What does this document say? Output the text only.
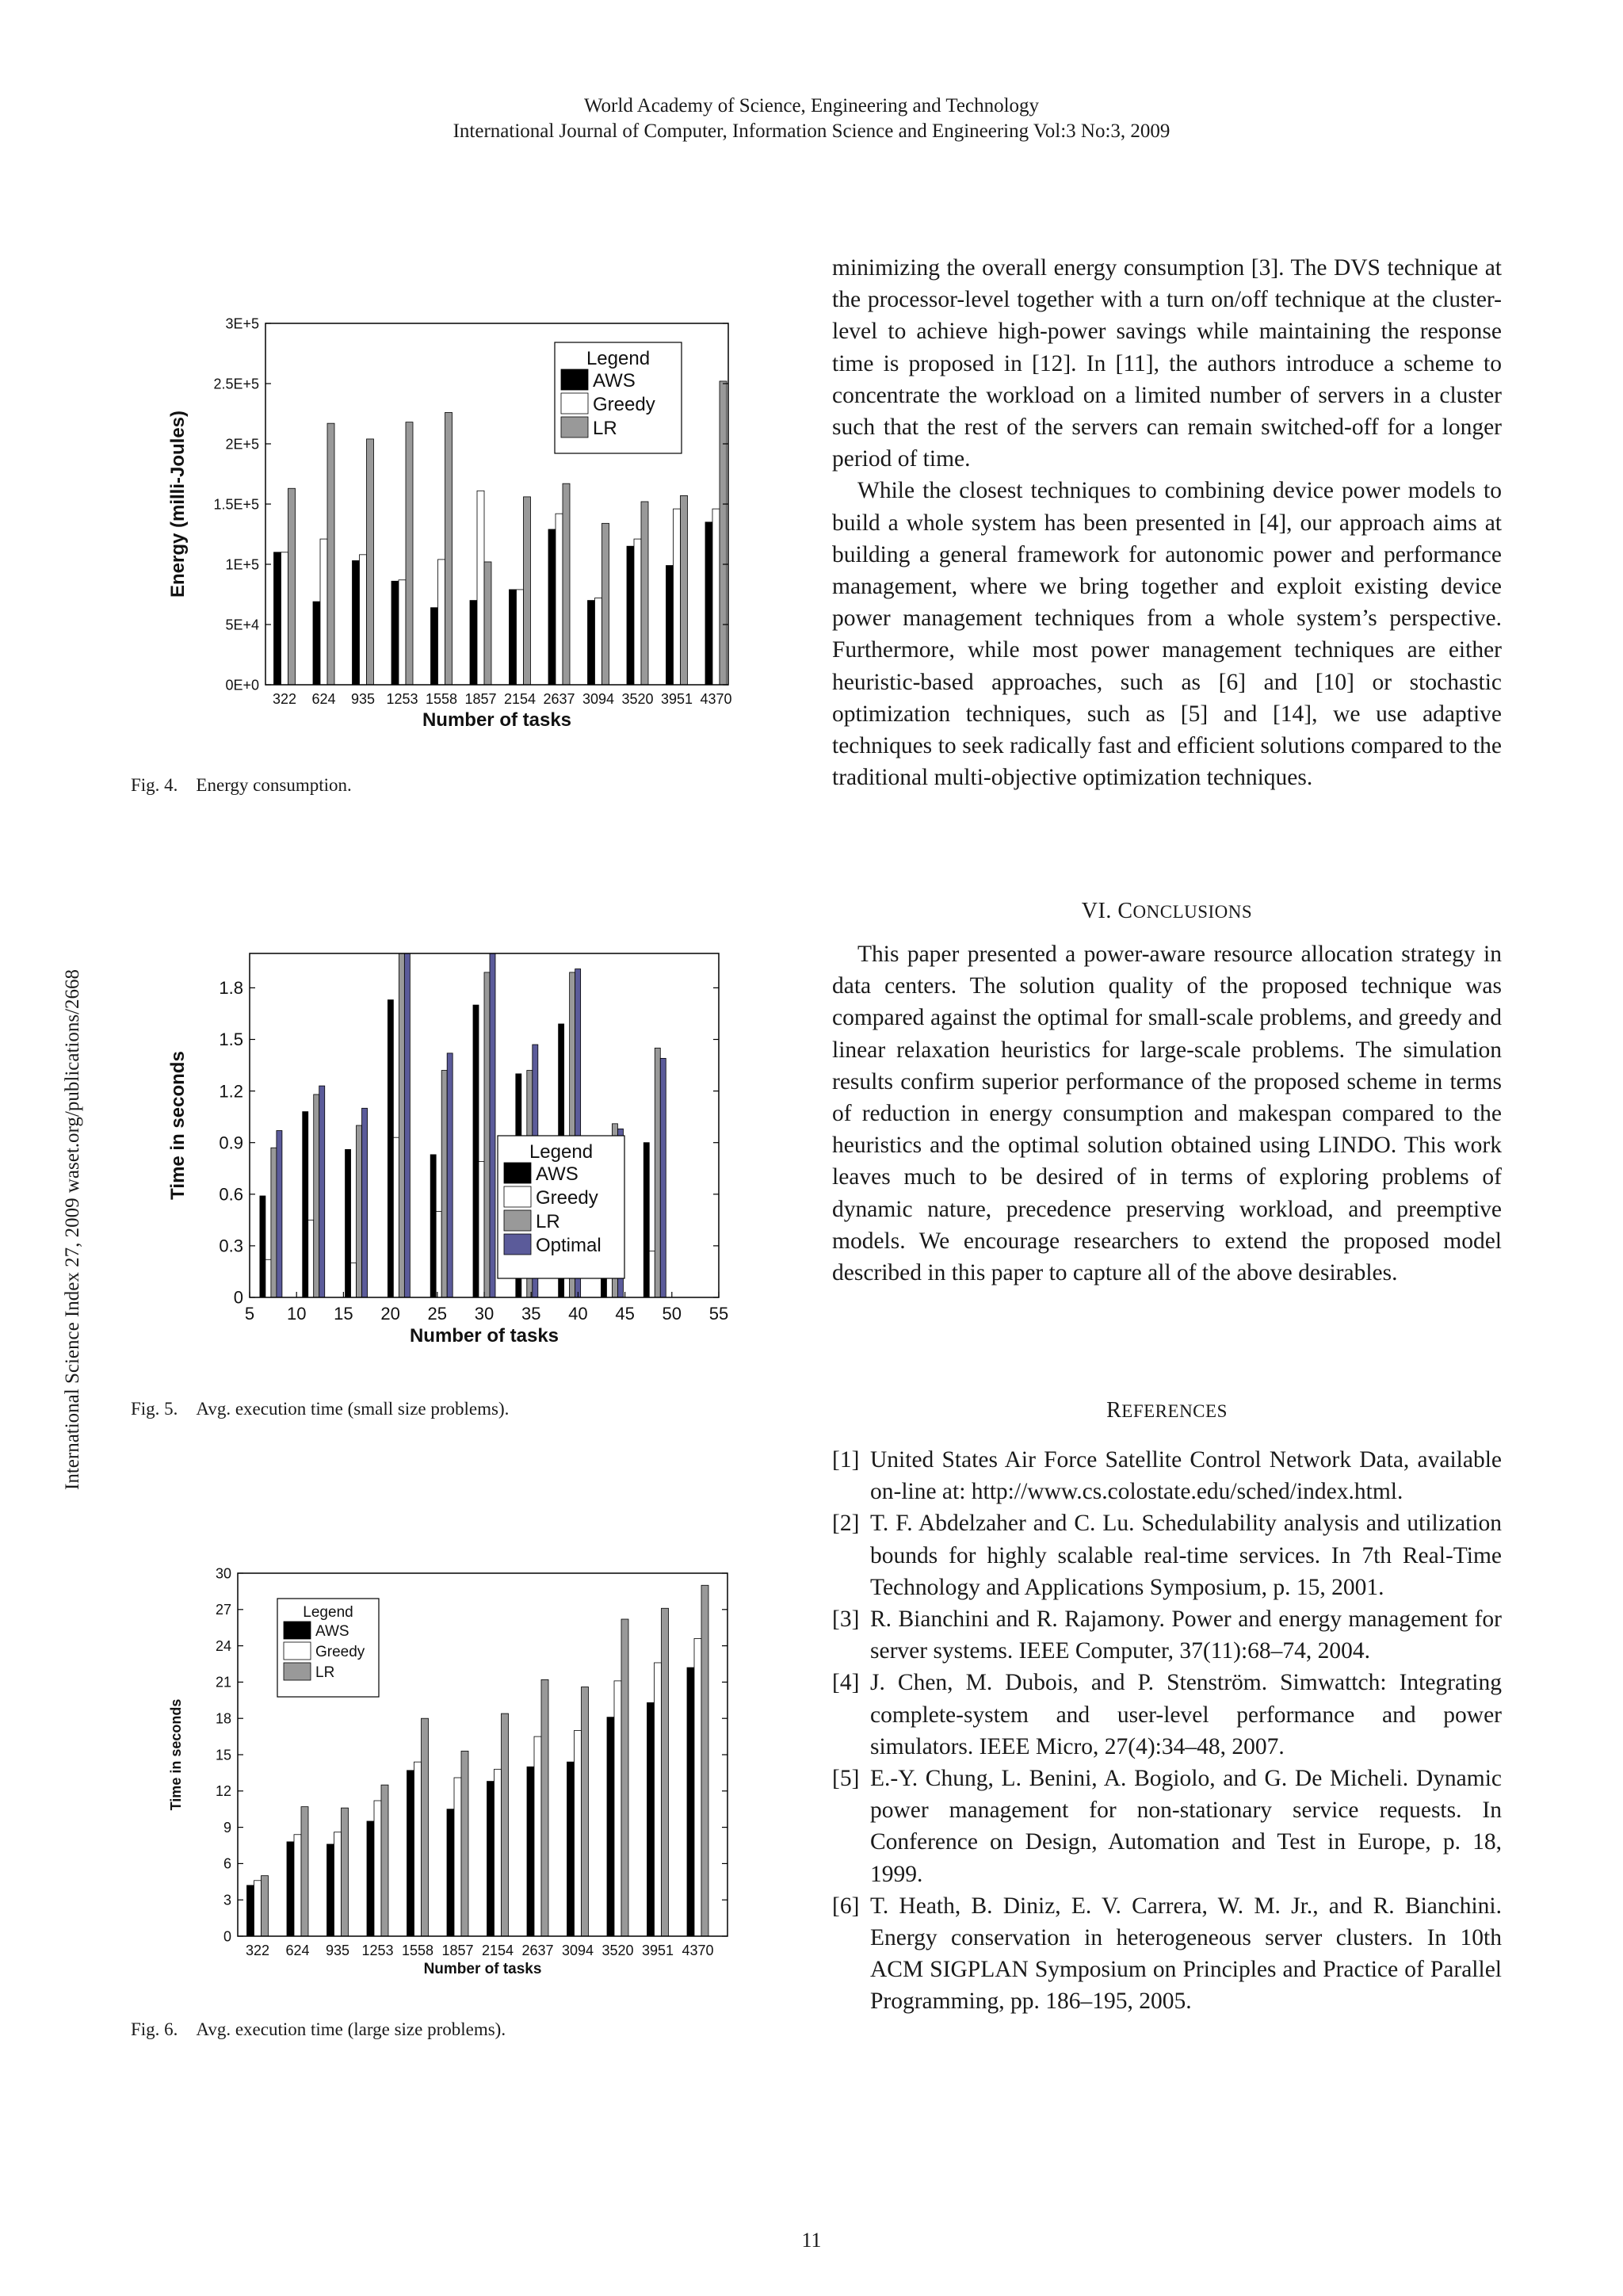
World Academy of Science, Engineering and Technology
International Journal of Computer, Information Science and Engineering Vol:3 No:3, 2009
International Science Index 27, 2009 waset.org/publications/2668
0E+0
5E+4
1E+5
1.5E+5
2E+5
2.5E+5
3E+5
322 624 935 1253 1558 1857 2154 2637 3094 3520 3951 4370
Number of tasks
Energy (milli-Joules)
Legend
AWS
Greedy
LR
Fig. 4. Energy consumption.
0
0.3
0.6
0.9
1.2
1.5
1.8
5 10 15 20 25 30 35 40 45 50 55
Number of tasks
Time in seconds	Legend
AWS
Greedy
LR
Optimal
Fig. 5. Avg. execution time (small size problems).
0
3
6
9
12
15
18
21
24
27
30
322 624 935 1253 1558 1857 2154 2637 3094 3520 3951 4370
Number of tasks
Time in seconds
Legend
AWS
Greedy
LR
Fig. 6. Avg. execution time (large size problems).

minimizing the overall energy consumption [3]. The DVS technique at the processor-level together with a turn on/off technique at the cluster-level to achieve high-power savings while maintaining the response time is proposed in [12]. In [11], the authors introduce a scheme to concentrate the workload on a limited number of servers in a cluster such that the rest of the servers can remain switched-off for a longer period of time.

While the closest techniques to combining device power models to build a whole system has been presented in [4], our approach aims at building a general framework for autonomic power and performance management, where we bring together and exploit existing device power management techniques from a whole system’s perspective. Furthermore, while most power management techniques are either heuristic-based approaches, such as [6] and [10] or stochastic optimization techniques, such as [5] and [14], we use adaptive techniques to seek radically fast and efficient solutions compared to the traditional multi-objective optimization techniques.

VI. CONCLUSIONS

This paper presented a power-aware resource allocation strategy in data centers. The solution quality of the proposed technique was compared against the optimal for small-scale problems, and greedy and linear relaxation heuristics for large-scale problems. The simulation results confirm superior performance of the proposed scheme in terms of reduction in energy consumption and makespan compared to the heuristics and the optimal solution obtained using LINDO. This work leaves much to be desired of in terms of exploring problems of dynamic nature, precedence preserving workload, and preemptive models. We encourage researchers to extend the proposed model described in this paper to capture all of the above desirables.

REFERENCES
[1] United States Air Force Satellite Control Network Data, available on-line at: http://www.cs.colostate.edu/sched/index.html.
[2] T. F. Abdelzaher and C. Lu. Schedulability analysis and utilization bounds for highly scalable real-time services. In 7th Real-Time Technology and Applications Symposium, p. 15, 2001.
[3] R. Bianchini and R. Rajamony. Power and energy management for server systems. IEEE Computer, 37(11):68–74, 2004.
[4] J. Chen, M. Dubois, and P. Stenström. Simwattch: Integrating complete-system and user-level performance and power simulators. IEEE Micro, 27(4):34–48, 2007.
[5] E.-Y. Chung, L. Benini, A. Bogiolo, and G. De Micheli. Dynamic power management for non-stationary service requests. In Conference on Design, Automation and Test in Europe, p. 18, 1999.
[6] T. Heath, B. Diniz, E. V. Carrera, W. M. Jr., and R. Bianchini. Energy conservation in heterogeneous server clusters. In 10th ACM SIGPLAN Symposium on Principles and Practice of Parallel Programming, pp. 186–195, 2005.
11
